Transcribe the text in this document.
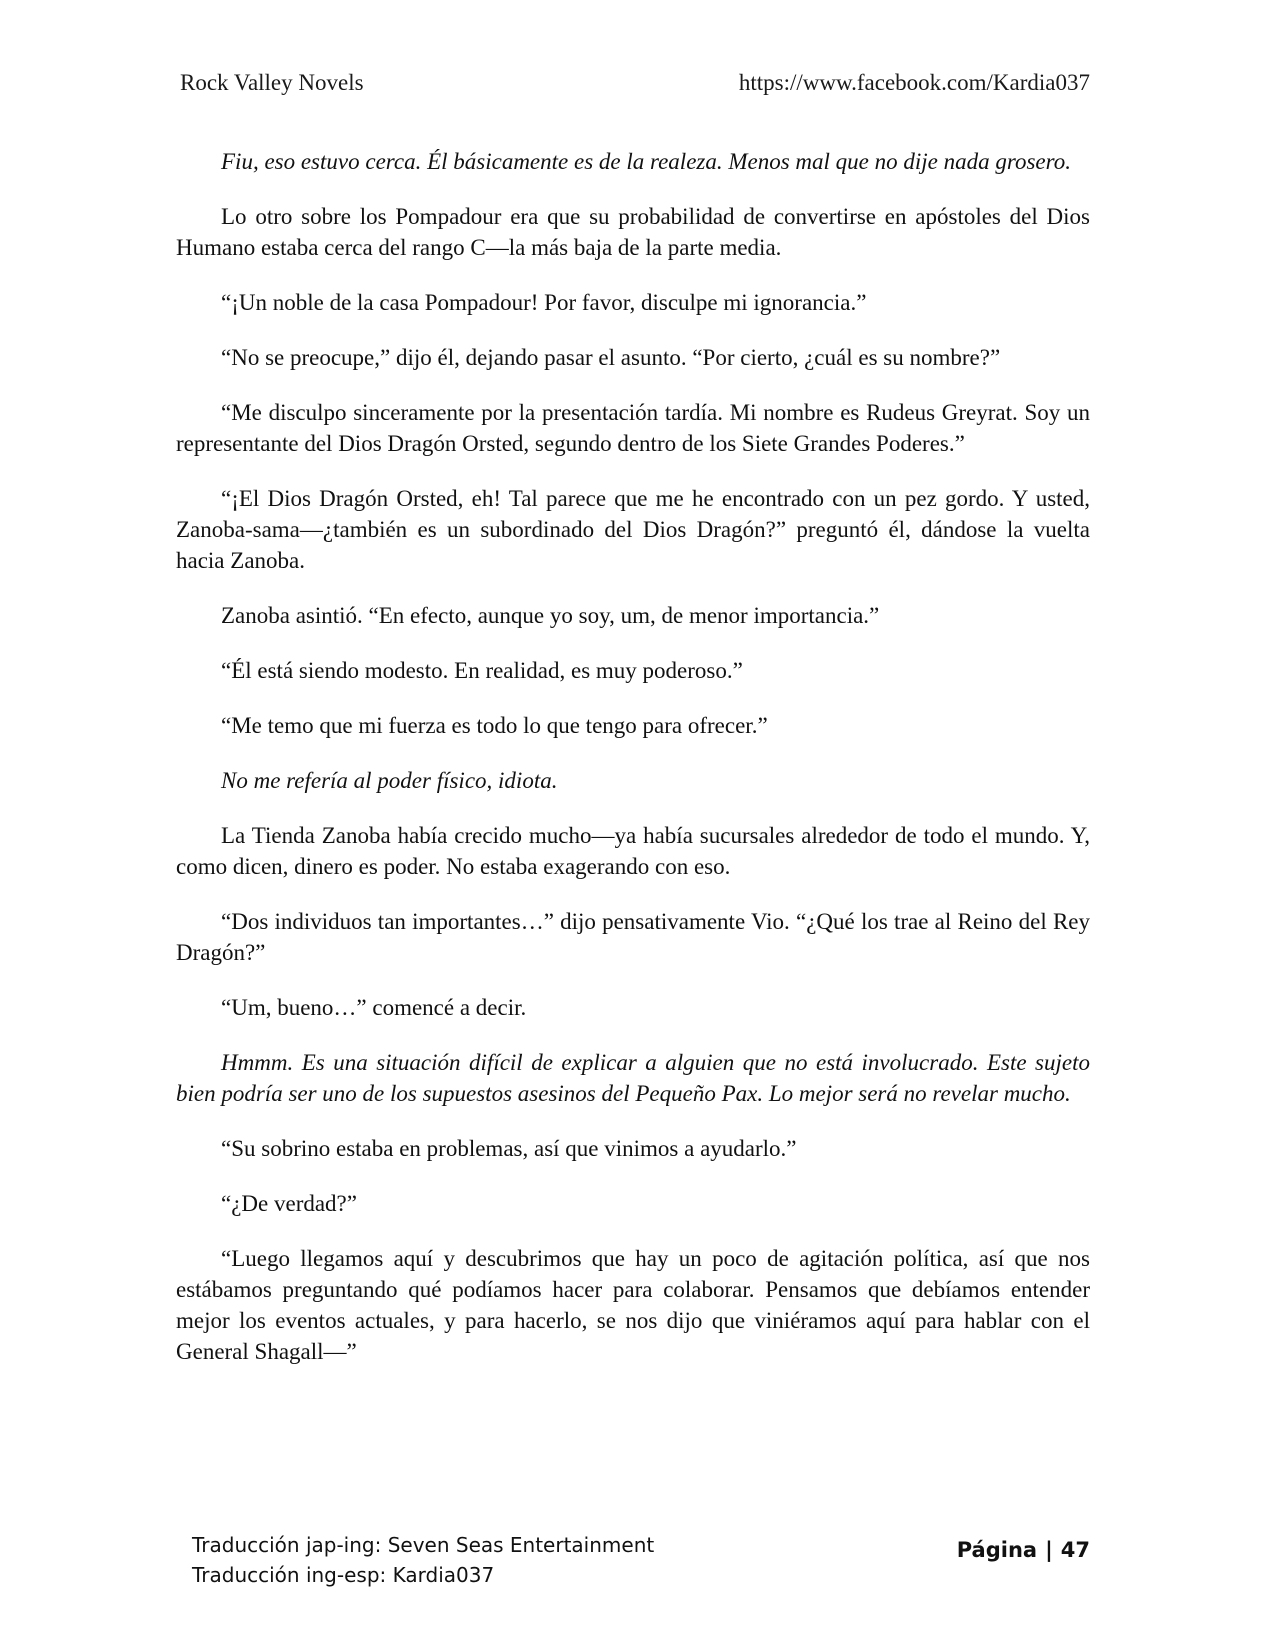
Rock Valley Novels	https://www.facebook.com/Kardia037

Fiu, eso estuvo cerca. Él básicamente es de la realeza. Menos mal que no dije nada grosero.

Lo otro sobre los Pompadour era que su probabilidad de convertirse en apóstoles del Dios Humano estaba cerca del rango C—la más baja de la parte media.

“¡Un noble de la casa Pompadour! Por favor, disculpe mi ignorancia.”

“No se preocupe,” dijo él, dejando pasar el asunto. “Por cierto, ¿cuál es su nombre?”

“Me disculpo sinceramente por la presentación tardía. Mi nombre es Rudeus Greyrat. Soy un representante del Dios Dragón Orsted, segundo dentro de los Siete Grandes Poderes.”

“¡El Dios Dragón Orsted, eh! Tal parece que me he encontrado con un pez gordo. Y usted, Zanoba-sama—¿también es un subordinado del Dios Dragón?” preguntó él, dándose la vuelta hacia Zanoba.

Zanoba asintió. “En efecto, aunque yo soy, um, de menor importancia.”

“Él está siendo modesto. En realidad, es muy poderoso.”

“Me temo que mi fuerza es todo lo que tengo para ofrecer.”

No me refería al poder físico, idiota.

La Tienda Zanoba había crecido mucho—ya había sucursales alrededor de todo el mundo. Y, como dicen, dinero es poder. No estaba exagerando con eso.

“Dos individuos tan importantes…” dijo pensativamente Vio. “¿Qué los trae al Reino del Rey Dragón?”

“Um, bueno…” comencé a decir.

Hmmm. Es una situación difícil de explicar a alguien que no está involucrado. Este sujeto bien podría ser uno de los supuestos asesinos del Pequeño Pax. Lo mejor será no revelar mucho.

“Su sobrino estaba en problemas, así que vinimos a ayudarlo.”

“¿De verdad?”

“Luego llegamos aquí y descubrimos que hay un poco de agitación política, así que nos estábamos preguntando qué podíamos hacer para colaborar. Pensamos que debíamos entender mejor los eventos actuales, y para hacerlo, se nos dijo que viniéramos aquí para hablar con el General Shagall—”

Traducción jap-ing: Seven Seas Entertainment
Traducción ing-esp: Kardia037
Página | 47
